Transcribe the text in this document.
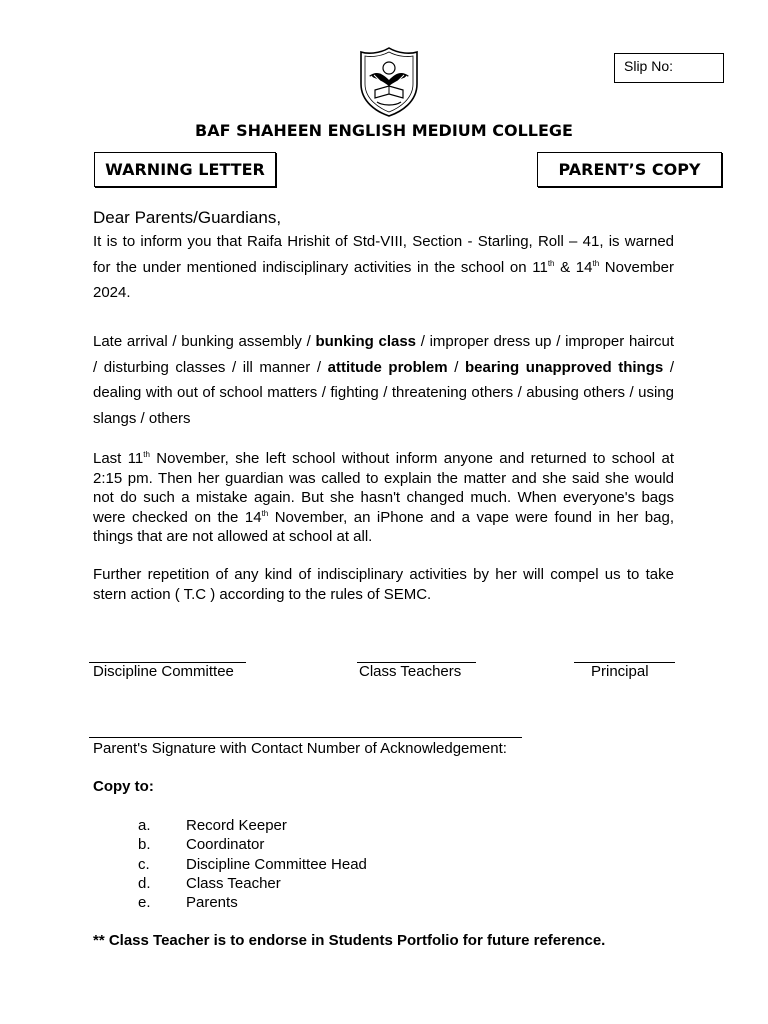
Slip No:
BAF SHAHEEN ENGLISH MEDIUM COLLEGE
WARNING LETTER	PARENT’S COPY
Dear Parents/Guardians,
It is to inform you that Raifa Hrishit of Std-VIII, Section - Starling, Roll – 41, is warned for the under mentioned indisciplinary activities in the school on 11th & 14th November 2024.
Late arrival / bunking assembly / bunking class / improper dress up / improper haircut / disturbing classes / ill manner / attitude problem / bearing unapproved things / dealing with out of school matters / fighting / threatening others / abusing others / using slangs / others
Last 11th November, she left school without inform anyone and returned to school at 2:15 pm. Then her guardian was called to explain the matter and she said she would not do such a mistake again. But she hasn't changed much. When everyone's bags were checked on the 14th November, an iPhone and a vape were found in her bag, things that are not allowed at school at all.
Further repetition of any kind of indisciplinary activities by her will compel us to take stern action ( T.C ) according to the rules of SEMC.
Discipline Committee	Class Teachers	Principal
Parent's Signature with Contact Number of Acknowledgement:
Copy to:
a.	Record Keeper
b.	Coordinator
c.	Discipline Committee Head
d.	Class Teacher
e.	Parents
** Class Teacher is to endorse in Students Portfolio for future reference.
